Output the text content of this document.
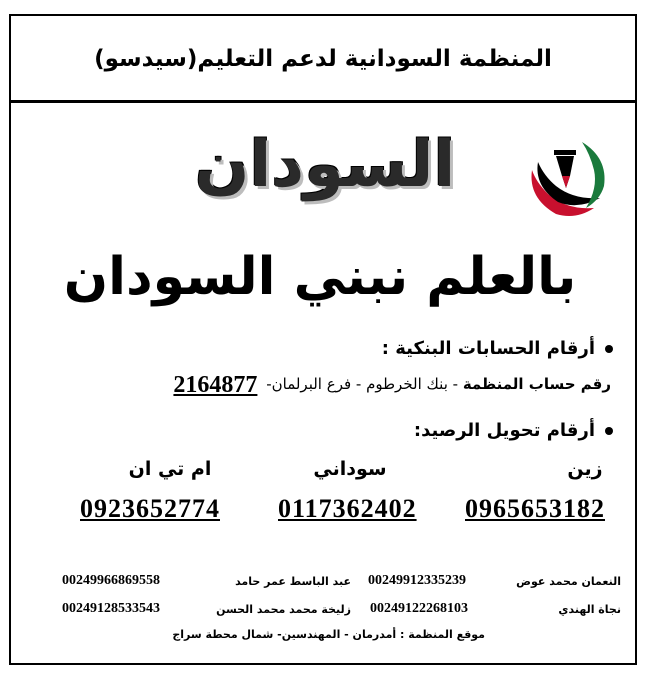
المنظمة السودانية لدعم التعليم(سيدسو)
السودان
بالعلم نبني السودان
أرقام الحسابات البنكية :
رقم حساب المنظمة - بنك الخرطوم - فرع البرلمان- 2164877
أرقام تحويل الرصيد:
زين
0965653182
سوداني
0117362402
ام تي ان
0923652774
النعمان محمد عوض
00249912335239
عبد الباسط عمر حامد
00249966869558
نجاة الهندي
00249122268103
زليخة محمد محمد الحسن
00249128533543
موقع المنظمة : أمدرمان - المهندسين- شمال محطة سراج
